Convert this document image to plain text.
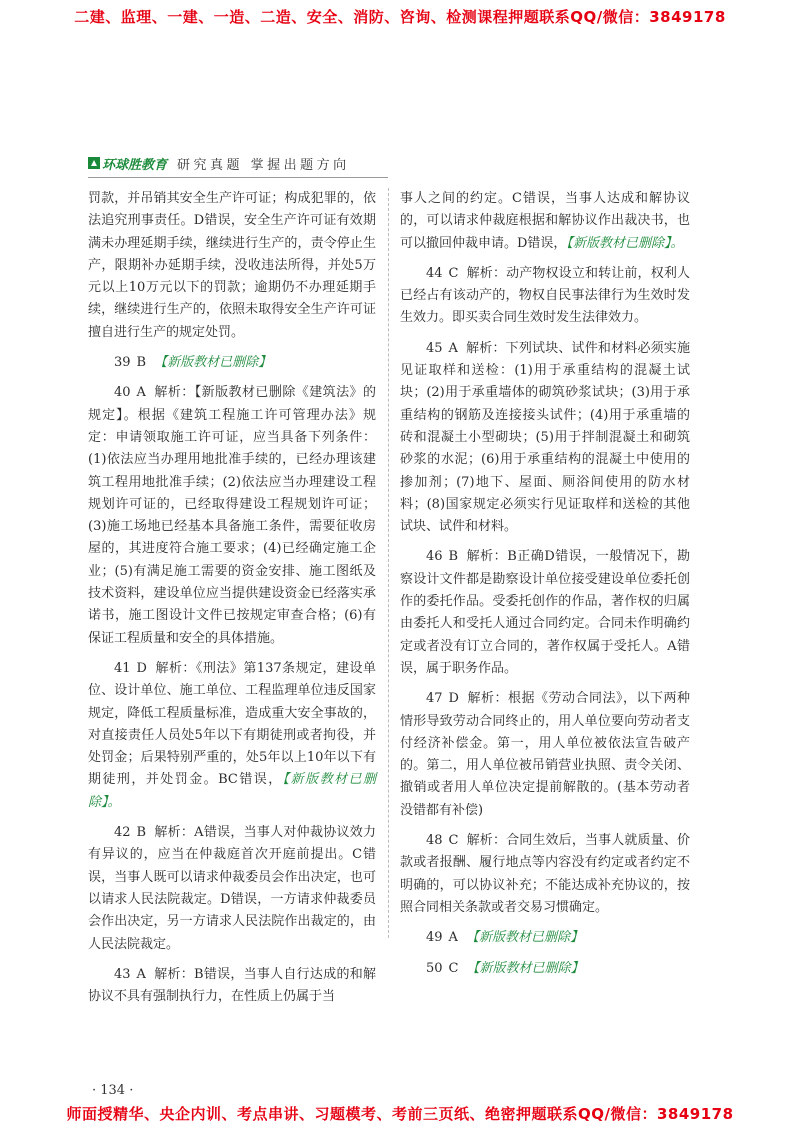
二建、监理、一建、一造、二造、安全、消防、咨询、检测课程押题联系QQ/微信：3849178
环球胜教育 研究真题 掌握出题方向

罚款，并吊销其安全生产许可证；构成犯罪的，依法追究刑事责任。D错误，安全生产许可证有效期满未办理延期手续，继续进行生产的，责令停止生产，限期补办延期手续，没收违法所得，并处5万元以上10万元以下的罚款；逾期仍不办理延期手续，继续进行生产的，依照未取得安全生产许可证擅自进行生产的规定处罚。

39 B 【新版教材已删除】

40 A 解析：【新版教材已删除《建筑法》的规定】。根据《建筑工程施工许可管理办法》规定：申请领取施工许可证，应当具备下列条件：(1)依法应当办理用地批准手续的，已经办理该建筑工程用地批准手续；(2)依法应当办理建设工程规划许可证的，已经取得建设工程规划许可证；(3)施工场地已经基本具备施工条件，需要征收房屋的，其进度符合施工要求；(4)已经确定施工企业；(5)有满足施工需要的资金安排、施工图纸及技术资料，建设单位应当提供建设资金已经落实承诺书，施工图设计文件已按规定审查合格；(6)有保证工程质量和安全的具体措施。

41 D 解析：《刑法》第137条规定，建设单位、设计单位、施工单位、工程监理单位违反国家规定，降低工程质量标准，造成重大安全事故的，对直接责任人员处5年以下有期徒刑或者拘役，并处罚金；后果特别严重的，处5年以上10年以下有期徒刑，并处罚金。BC错误，【新版教材已删除】。

42 B 解析：A错误，当事人对仲裁协议效力有异议的，应当在仲裁庭首次开庭前提出。C错误，当事人既可以请求仲裁委员会作出决定，也可以请求人民法院裁定。D错误，一方请求仲裁委员会作出决定，另一方请求人民法院作出裁定的，由人民法院裁定。

43 A 解析：B错误，当事人自行达成的和解协议不具有强制执行力，在性质上仍属于当

事人之间的约定。C错误，当事人达成和解协议的，可以请求仲裁庭根据和解协议作出裁决书，也可以撤回仲裁申请。D错误，【新版教材已删除】。

44 C 解析：动产物权设立和转让前，权利人已经占有该动产的，物权自民事法律行为生效时发生效力。即买卖合同生效时发生法律效力。

45 A 解析：下列试块、试件和材料必须实施见证取样和送检：(1)用于承重结构的混凝土试块；(2)用于承重墙体的砌筑砂浆试块；(3)用于承重结构的钢筋及连接接头试件；(4)用于承重墙的砖和混凝土小型砌块；(5)用于拌制混凝土和砌筑砂浆的水泥；(6)用于承重结构的混凝土中使用的掺加剂；(7)地下、屋面、厕浴间使用的防水材料；(8)国家规定必须实行见证取样和送检的其他试块、试件和材料。

46 B 解析：B正确D错误，一般情况下，勘察设计文件都是勘察设计单位接受建设单位委托创作的委托作品。受委托创作的作品，著作权的归属由委托人和受托人通过合同约定。合同未作明确约定或者没有订立合同的，著作权属于受托人。A错误，属于职务作品。

47 D 解析：根据《劳动合同法》，以下两种情形导致劳动合同终止的，用人单位要向劳动者支付经济补偿金。第一，用人单位被依法宣告破产的。第二，用人单位被吊销营业执照、责令关闭、撤销或者用人单位决定提前解散的。(基本劳动者没错都有补偿)

48 C 解析：合同生效后，当事人就质量、价款或者报酬、履行地点等内容没有约定或者约定不明确的，可以协议补充；不能达成补充协议的，按照合同相关条款或者交易习惯确定。

49 A 【新版教材已删除】

50 C 【新版教材已删除】

· 134 ·
师面授精华、央企内训、考点串讲、习题模考、考前三页纸、绝密押题联系QQ/微信：3849178
